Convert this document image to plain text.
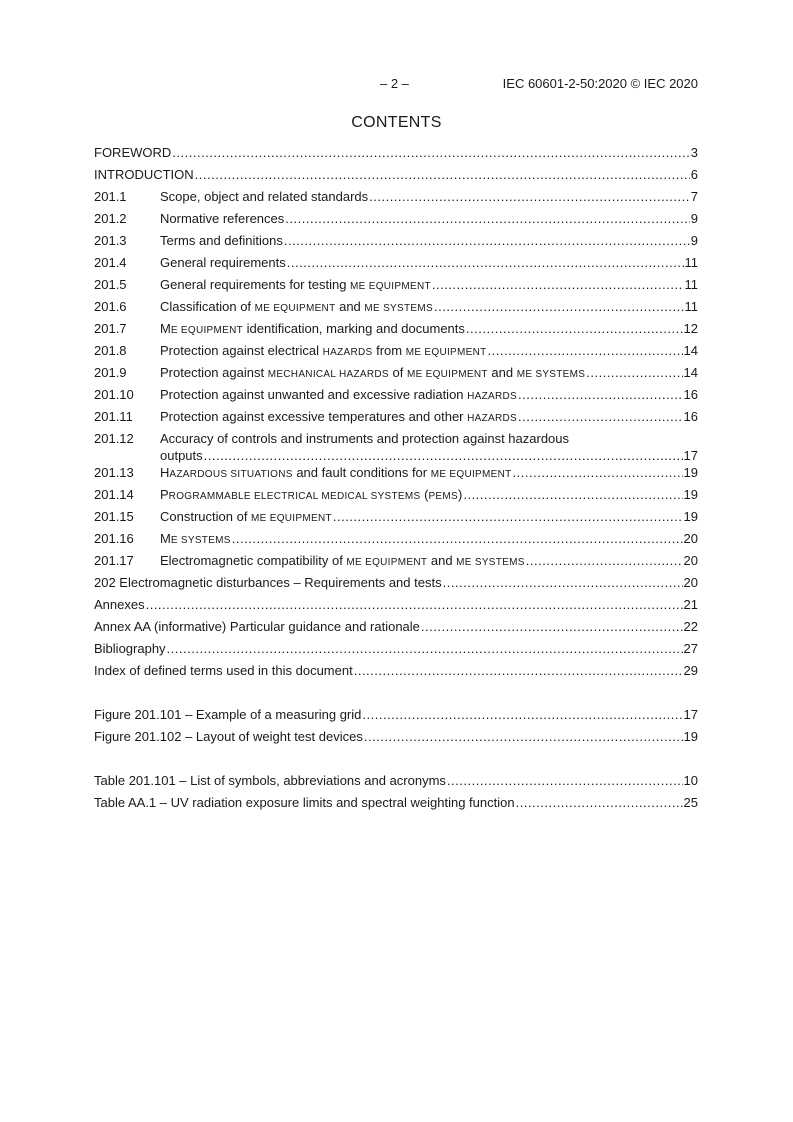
– 2 –	IEC 60601-2-50:2020 © IEC 2020
CONTENTS
FOREWORD .....	3
INTRODUCTION .....	6
201.1	Scope, object and related standards .....	7
201.2	Normative references .....	9
201.3	Terms and definitions .....	9
201.4	General requirements .....	11
201.5	General requirements for testing ME EQUIPMENT .....	11
201.6	Classification of ME EQUIPMENT and ME SYSTEMS .....	11
201.7	ME EQUIPMENT identification, marking and documents .....	12
201.8	Protection against electrical HAZARDS from ME EQUIPMENT .....	14
201.9	Protection against MECHANICAL HAZARDS of ME EQUIPMENT and ME SYSTEMS .....	14
201.10	Protection against unwanted and excessive radiation HAZARDS .....	16
201.11	Protection against excessive temperatures and other HAZARDS .....	16
201.12	Accuracy of controls and instruments and protection against hazardous
outputs .....	17
201.13	HAZARDOUS SITUATIONS and fault conditions for ME EQUIPMENT .....	19
201.14	PROGRAMMABLE ELECTRICAL MEDICAL SYSTEMS (PEMS) .....	19
201.15	Construction of ME EQUIPMENT .....	19
201.16	ME SYSTEMS .....	20
201.17	Electromagnetic compatibility of ME EQUIPMENT and ME SYSTEMS .....	20
202 Electromagnetic disturbances – Requirements and tests .....	20
Annexes .....	21
Annex AA (informative) Particular guidance and rationale .....	22
Bibliography .....	27
Index of defined terms used in this document .....	29
Figure 201.101 – Example of a measuring grid .....	17
Figure 201.102 – Layout of weight test devices .....	19
Table 201.101 – List of symbols, abbreviations and acronyms .....	10
Table AA.1 – UV radiation exposure limits and spectral weighting function .....	25
